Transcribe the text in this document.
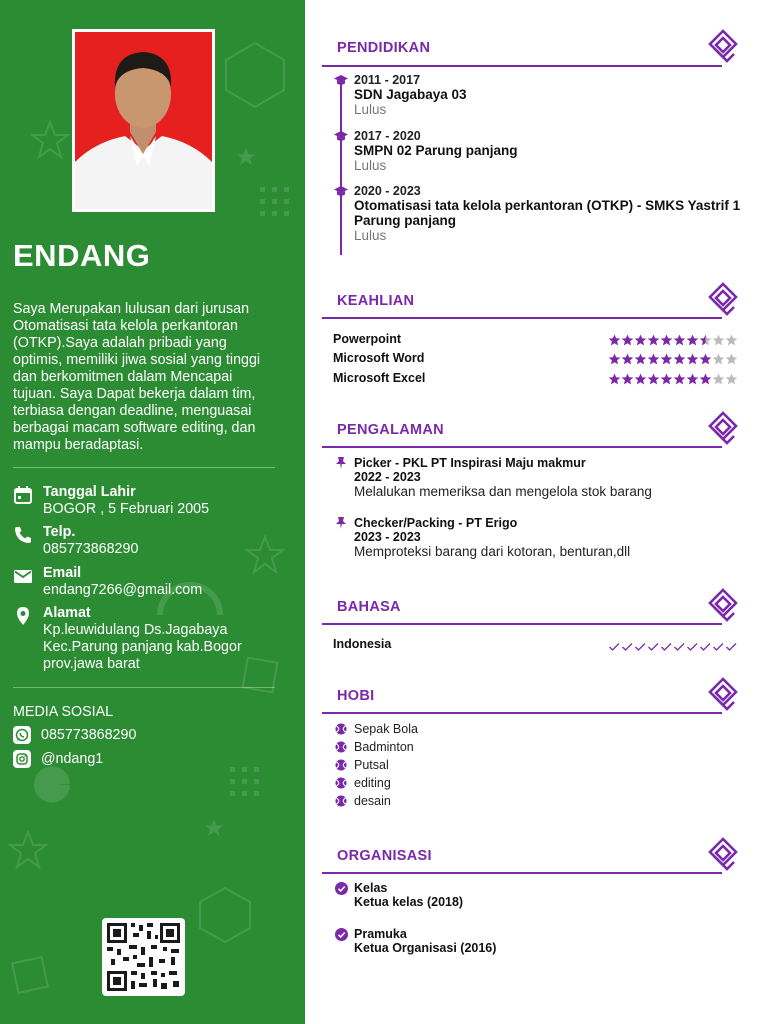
ENDANG
Saya Merupakan lulusan dari jurusan Otomatisasi tata kelola perkantoran (OTKP).Saya adalah pribadi yang optimis, memiliki jiwa sosial yang tinggi dan berkomitmen dalam Mencapai tujuan. Saya Dapat bekerja dalam tim, terbiasa dengan deadline, menguasai berbagai macam software editing, dan mampu beradaptasi.
Tanggal Lahir
BOGOR , 5 Februari 2005
Telp.
085773868290
Email
endang7266@gmail.com
Alamat
Kp.leuwidulang Ds.Jagabaya
Kec.Parung panjang kab.Bogor
prov.jawa barat
MEDIA SOSIAL
085773868290
@ndang1
PENDIDIKAN
2011 - 2017
SDN Jagabaya 03
Lulus
2017 - 2020
SMPN 02 Parung panjang
Lulus
2020 - 2023
Otomatisasi tata kelola perkantoran (OTKP) - SMKS Yastrif 1
Parung panjang
Lulus
KEAHLIAN
Powerpoint
Microsoft Word
Microsoft Excel
PENGALAMAN
Picker - PKL PT Inspirasi Maju makmur
2022 - 2023
Melalukan memeriksa dan mengelola stok barang
Checker/Packing - PT Erigo
2023 - 2023
Memproteksi barang dari kotoran, benturan,dll
BAHASA
Indonesia
HOBI
Sepak Bola
Badminton
Putsal
editing
desain
ORGANISASI
Kelas
Ketua kelas (2018)
Pramuka
Ketua Organisasi (2016)
